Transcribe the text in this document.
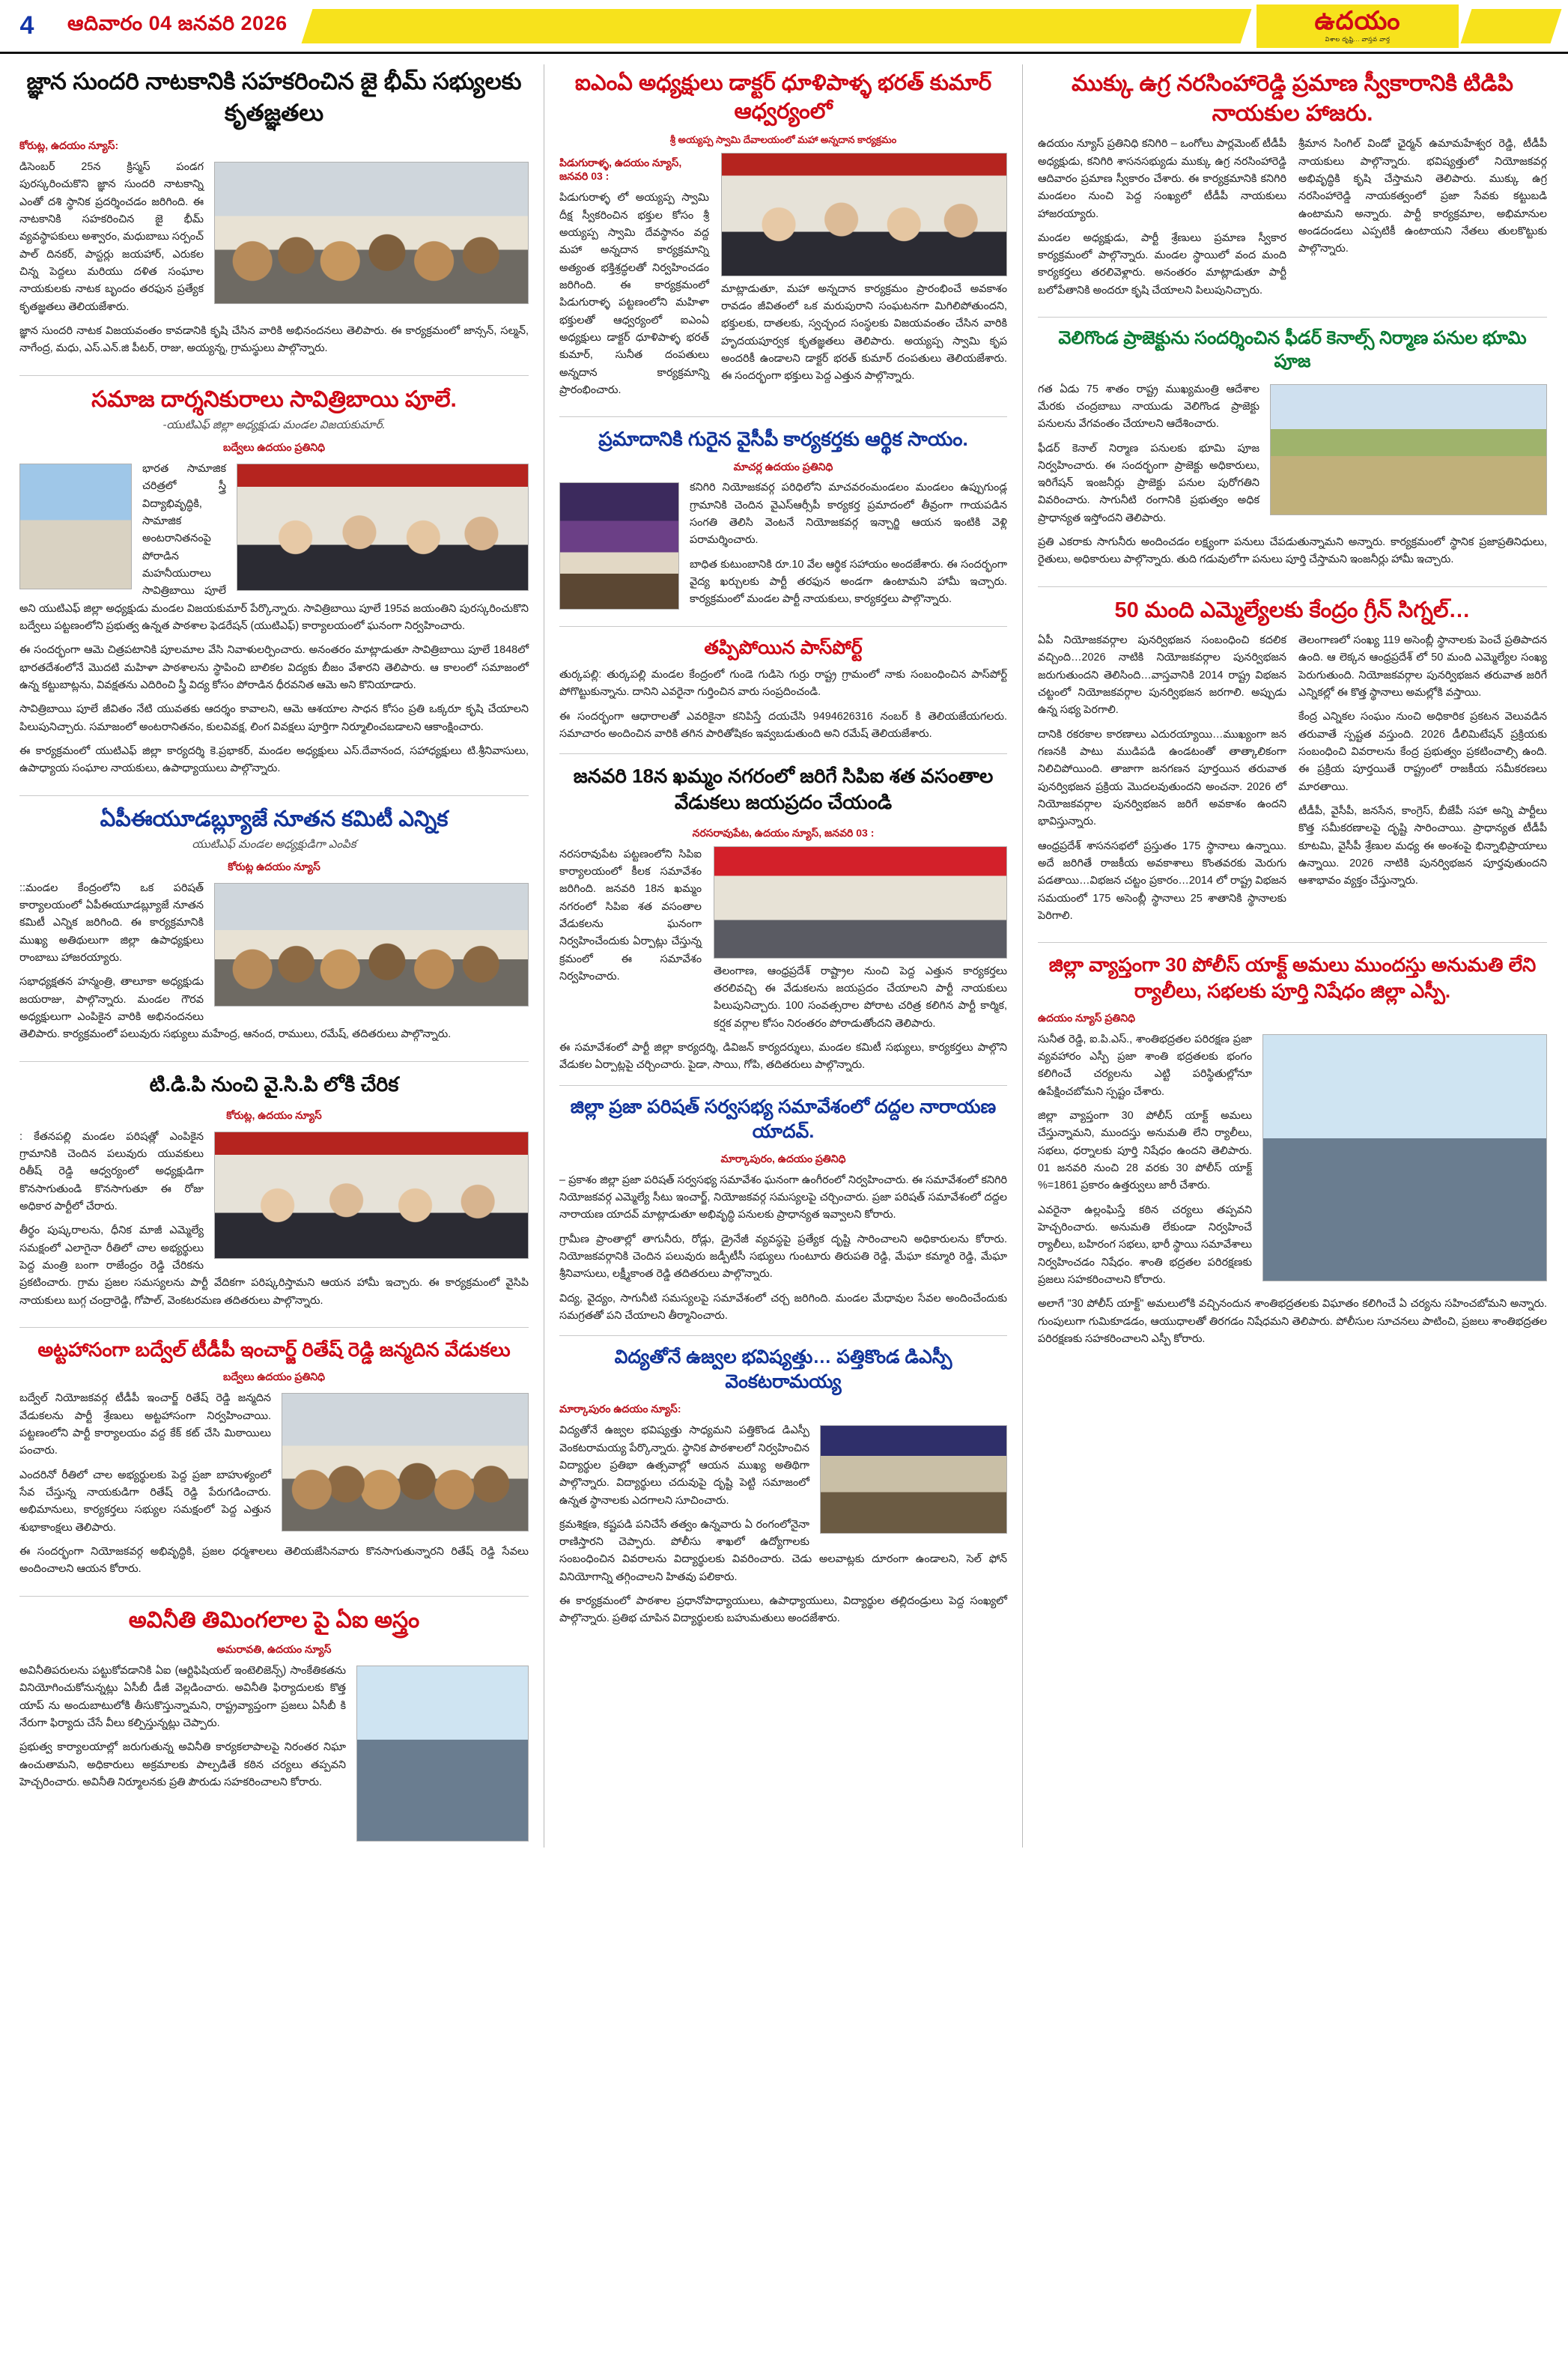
4	ఆదివారం 04 జనవరి 2026	ఉదయం
విశాల దృష్టి... వాస్తవ వార్త
జ్ఞాన సుందరి నాటకానికి సహకరించిన జై భీమ్ సభ్యులకు కృతజ్ఞతలు
కోరుట్ల, ఉదయం న్యూస్:

డిసెంబర్ 25న క్రిస్మస్ పండగ పురస్కరించుకొని జ్ఞాన సుందరి నాటకాన్ని ఎంతో దశి స్థానిక ప్రదర్శించడం జరిగింది. ఈ నాటకానికి సహకరించిన జై భీమ్ వ్యవస్థాపకులు అశ్వారం, మధుబాబు సర్పంచ్ పాల్ దినకర్, పాస్టర్లు జయహార్, ఎరుకల చిన్న పెద్దలు మరియు దళిత సంఘాల నాయకులకు నాటక బృందం తరఫున ప్రత్యేక కృతజ్ఞతలు తెలియజేశారు.

జ్ఞాన సుందరి నాటక విజయవంతం కావడానికి కృషి చేసిన వారికి అభినందనలు తెలిపారు. ఈ కార్యక్రమంలో జాన్సన్, సల్మన్, నాగేంద్ర, మధు, ఎస్.ఎన్.జి పీటర్, రాజు, అయ్యన్న, గ్రామస్థులు పాల్గొన్నారు.

సమాజ దార్శనికురాలు సావిత్రిబాయి పూలే.
-యుటిఎఫ్ జిల్లా అధ్యక్షుడు మండల విజయకుమార్.
బద్వేలు ఉదయం ప్రతినిధి

భారత సామాజిక చరిత్రలో స్త్రీ విద్యాభివృద్ధికి, సామాజిక అంటరానితనంపై పోరాడిన మహనీయురాలు సావిత్రిబాయి పూలే అని యుటిఎఫ్ జిల్లా అధ్యక్షుడు మండల విజయకుమార్ పేర్కొన్నారు. సావిత్రిబాయి పూలే 195వ జయంతిని పురస్కరించుకొని బద్వేలు పట్టణంలోని ప్రభుత్వ ఉన్నత పాఠశాల ఫెడరేషన్ (యుటిఎఫ్) కార్యాలయంలో ఘనంగా నిర్వహించారు.

ఈ సందర్భంగా ఆమె చిత్రపటానికి పూలమాల వేసి నివాళులర్పించారు. అనంతరం మాట్లాడుతూ సావిత్రిబాయి పూలే 1848లో భారతదేశంలోనే మొదటి మహిళా పాఠశాలను స్థాపించి బాలికల విద్యకు బీజం వేశారని తెలిపారు. ఆ కాలంలో సమాజంలో ఉన్న కట్టుబాట్లను, వివక్షతను ఎదిరించి స్త్రీ విద్య కోసం పోరాడిన ధీరవనిత ఆమె అని కొనియాడారు.

సావిత్రిబాయి పూలే జీవితం నేటి యువతకు ఆదర్శం కావాలని, ఆమె ఆశయాల సాధన కోసం ప్రతి ఒక్కరూ కృషి చేయాలని పిలుపునిచ్చారు. సమాజంలో అంటరానితనం, కులవివక్ష, లింగ వివక్షలు పూర్తిగా నిర్మూలించబడాలని ఆకాంక్షించారు.

ఈ కార్యక్రమంలో యుటిఎఫ్ జిల్లా కార్యదర్శి కె.ప్రభాకర్, మండల అధ్యక్షులు ఎస్.దేవానంద, సహాధ్యక్షులు టి.శ్రీనివాసులు, ఉపాధ్యాయ సంఘాల నాయకులు, ఉపాధ్యాయులు పాల్గొన్నారు.

ఏపీఈయూడబ్ల్యూజే నూతన కమిటీ ఎన్నిక
యుటిఎఫ్ మండల అధ్యక్షుడిగా ఎంపిక
కోరుట్ల ఉదయం న్యూస్

::మండల కేంద్రంలోని ఒక పరిషత్ కార్యాలయంలో ఏపీఈయూడబ్ల్యూజే నూతన కమిటీ ఎన్నిక జరిగింది. ఈ కార్యక్రమానికి ముఖ్య అతిథులుగా జిల్లా ఉపాధ్యక్షులు రాంబాబు హాజరయ్యారు.

సభాధ్యక్షతన హన్మంత్రి, తాలూకా అధ్యక్షుడు జయరాజు, పాల్గొన్నారు. మండల గౌరవ అధ్యక్షులుగా ఎంపికైన వారికి అభినందనలు తెలిపారు. కార్యక్రమంలో పలువురు సభ్యులు మహేంద్ర, ఆనంద, రాములు, రమేష్, తదితరులు పాల్గొన్నారు.

టి.డి.పి నుంచి వై.సి.పి లోకి చేరిక
కోరుట్ల, ఉదయం న్యూస్

: కేతనపల్లి మండల పరిషత్లో ఎంపికైన గ్రామానికి చెందిన పలువురు యువకులు రితీష్ రెడ్డి ఆధ్వర్యంలో అధ్యక్షుడిగా కొనసాగుతుండి కొనసాగుతూ ఈ రోజు అధికార పార్టీలో చేరారు.

తీర్థం పుష్కరాలను, ధీనిక మాజీ ఎమ్మెల్యే సమక్షంలో ఎలాగైనా రీతిలో చాల అభ్యర్థులు పెద్ద మంత్రి బంగా రాజేంద్రం రెడ్డి చేరికను ప్రకటించారు. గ్రామ ప్రజల సమస్యలను పార్టీ వేదికగా పరిష్కరిస్తామని ఆయన హామీ ఇచ్చారు. ఈ కార్యక్రమంలో వైసిపి నాయకులు బుగ్గ చంద్రారెడ్డి, గోపాల్, వెంకటరమణ తదితరులు పాల్గొన్నారు.

అట్టహాసంగా బద్వేల్ టీడీపీ ఇంచార్జ్ రితేష్ రెడ్డి జన్మదిన వేడుకలు
బద్వేలు ఉదయం ప్రతినిధి

బద్వేల్ నియోజకవర్గ టీడీపీ ఇంచార్జ్ రితేష్ రెడ్డి జన్మదిన వేడుకలను పార్టీ శ్రేణులు అట్టహాసంగా నిర్వహించాయి. పట్టణంలోని పార్టీ కార్యాలయం వద్ద కేక్ కట్ చేసి మిఠాయిలు పంచారు.

ఎందరినో రీతిలో చాల అభ్యర్థులకు పెద్ద ప్రజా బాహుళ్యంలో సేవ చేస్తున్న నాయకుడిగా రితేష్ రెడ్డి పేరుగడించారు. అభిమానులు, కార్యకర్తలు సభ్యుల సమక్షంలో పెద్ద ఎత్తున శుభాకాంక్షలు తెలిపారు.

ఈ సందర్భంగా నియోజకవర్గ అభివృద్ధికి, ప్రజల ధర్మశాలలు తెలియజేసినవారు కొనసాగుతున్నారని రితేష్ రెడ్డి సేవలు అందించాలని ఆయన కోరారు.

అవినీతి తిమింగలాల పై ఏఐ అస్త్రం
అమరావతి, ఉదయం న్యూస్

అవినీతిపరులను పట్టుకోవడానికి ఏఐ (ఆర్టిఫిషియల్ ఇంటెలిజెన్స్) సాంకేతికతను వినియోగించుకోనున్నట్లు ఏసీబీ డీజీ వెల్లడించారు. అవినీతి ఫిర్యాదులకు కొత్త యాప్ ను అందుబాటులోకి తీసుకొస్తున్నామని, రాష్ట్రవ్యాప్తంగా ప్రజలు ఏసీబీ కి నేరుగా ఫిర్యాదు చేసే వీలు కల్పిస్తున్నట్లు చెప్పారు.

ప్రభుత్వ కార్యాలయాల్లో జరుగుతున్న అవినీతి కార్యకలాపాలపై నిరంతర నిఘా ఉంచుతామని, అధికారులు అక్రమాలకు పాల్పడితే కఠిన చర్యలు తప్పవని హెచ్చరించారు. అవినీతి నిర్మూలనకు ప్రతి పౌరుడు సహకరించాలని కోరారు.

ఐఎంఏ అధ్యక్షులు డాక్టర్ ధూళిపాళ్ళ భరత్ కుమార్ ఆధ్వర్యంలో
శ్రీ అయ్యప్ప స్వామి దేవాలయంలో మహా అన్నదాన కార్యక్రమం
పిడుగురాళ్ళ, ఉదయం న్యూస్, జనవరి 03 :

పిడుగురాళ్ళ లో అయ్యప్ప స్వామి దీక్ష స్వీకరించిన భక్తుల కోసం శ్రీ అయ్యప్ప స్వామి దేవస్థానం వద్ద మహా అన్నదాన కార్యక్రమాన్ని అత్యంత భక్తిశ్రద్ధలతో నిర్వహించడం జరిగింది. ఈ కార్యక్రమంలో పిడుగురాళ్ళ పట్టణంలోని మహిళా భక్తులతో ఆధ్వర్యంలో ఐఎంఏ అధ్యక్షులు డాక్టర్ ధూళిపాళ్ళ భరత్ కుమార్, సునీత దంపతులు అన్నదాన కార్యక్రమాన్ని ప్రారంభించారు.

మాట్లాడుతూ, మహా అన్నదాన కార్యక్రమం ప్రారంభించే అవకాశం రావడం జీవితంలో ఒక మరుపురాని సంఘటనగా మిగిలిపోతుందని, భక్తులకు, దాతలకు, స్వచ్ఛంద సంస్థలకు విజయవంతం చేసిన వారికి హృదయపూర్వక కృతజ్ఞతలు తెలిపారు. అయ్యప్ప స్వామి కృప అందరికీ ఉండాలని డాక్టర్ భరత్ కుమార్ దంపతులు తెలియజేశారు. ఈ సందర్భంగా భక్తులు పెద్ద ఎత్తున పాల్గొన్నారు.

ప్రమాదానికి గురైన వైసీపీ కార్యకర్తకు ఆర్థిక సాయం.
మాచర్ల ఉదయం ప్రతినిధి

కనిగిరి నియోజకవర్గ పరిధిలోని మాచవరంమండలం మండలం ఉప్పుగుండ్ల గ్రామానికి చెందిన వైఎస్ఆర్సీపీ కార్యకర్త ప్రమాదంలో తీవ్రంగా గాయపడిన సంగతి తెలిసి వెంటనే నియోజకవర్గ ఇన్చార్జి ఆయన ఇంటికి వెళ్లి పరామర్శించారు.

బాధిత కుటుంబానికి రూ.10 వేల ఆర్థిక సహాయం అందజేశారు. ఈ సందర్భంగా వైద్య ఖర్చులకు పార్టీ తరఫున అండగా ఉంటామని హామీ ఇచ్చారు. కార్యక్రమంలో మండల పార్టీ నాయకులు, కార్యకర్తలు పాల్గొన్నారు.

తప్పిపోయిన పాస్‌పోర్ట్

తుర్కపల్లి: తుర్కపల్లి మండల కేంద్రంలో గుండె గుడిసె గుర్రు రాష్ట్ర గ్రామంలో నాకు సంబంధించిన పాస్‌పోర్ట్ పోగొట్టుకున్నాను. దానిని ఎవరైనా గుర్తించిన వారు సంప్రదించండి.

ఈ సందర్భంగా ఆధారాలతో ఎవరికైనా కనిపిస్తే దయచేసి 9494626316 నంబర్ కి తెలియజేయగలరు. సమాచారం అందించిన వారికి తగిన పారితోషికం ఇవ్వబడుతుంది అని రమేష్ తెలియజేశారు.

జనవరి 18న ఖమ్మం నగరంలో జరిగే సిపిఐ శత వసంతాల వేడుకలు జయప్రదం చేయండి
నరసరావుపేట, ఉదయం న్యూస్, జనవరి 03 :

నరసరావుపేట పట్టణంలోని సిపిఐ కార్యాలయంలో కీలక సమావేశం జరిగింది. జనవరి 18న ఖమ్మం నగరంలో సిపిఐ శత వసంతాల వేడుకలను ఘనంగా నిర్వహించేందుకు ఏర్పాట్లు చేస్తున్న క్రమంలో ఈ సమావేశం నిర్వహించారు.	తెలంగాణ, ఆంధ్రప్రదేశ్ రాష్ట్రాల నుంచి పెద్ద ఎత్తున కార్యకర్తలు తరలివచ్చి ఈ వేడుకలను జయప్రదం చేయాలని పార్టీ నాయకులు పిలుపునిచ్చారు. 100 సంవత్సరాల పోరాట చరిత్ర కలిగిన పార్టీ కార్మిక, కర్షక వర్గాల కోసం నిరంతరం పోరాడుతోందని తెలిపారు.

ఈ సమావేశంలో పార్టీ జిల్లా కార్యదర్శి, డివిజన్ కార్యదర్శులు, మండల కమిటీ సభ్యులు, కార్యకర్తలు పాల్గొని వేడుకల ఏర్పాట్లపై చర్చించారు. పైడా, సాయి, గోపి, తదితరులు పాల్గొన్నారు.

జిల్లా ప్రజా పరిషత్ సర్వసభ్య సమావేశంలో దద్దల నారాయణ యాదవ్.
మార్కాపురం, ఉదయం ప్రతినిధి

– ప్రకాశం జిల్లా ప్రజా పరిషత్ సర్వసభ్య సమావేశం ఘనంగా ఉంగీరంలో నిర్వహించారు. ఈ సమావేశంలో కనిగిరి నియోజకవర్గ ఎమ్మెల్యే సీటు ఇంచార్జ్, నియోజకవర్గ సమస్యలపై చర్చించారు. ప్రజా పరిషత్ సమావేశంలో దద్దల నారాయణ యాదవ్ మాట్లాడుతూ అభివృద్ధి పనులకు ప్రాధాన్యత ఇవ్వాలని కోరారు.

గ్రామీణ ప్రాంతాల్లో తాగునీరు, రోడ్లు, డ్రైనేజీ వ్యవస్థపై ప్రత్యేక దృష్టి సారించాలని అధికారులను కోరారు. నియోజకవర్గానికి చెందిన పలువురు జడ్పీటీసీ సభ్యులు గుంటూరు తిరుపతి రెడ్డి, మేఘా కమ్మారి రెడ్డి, మేఘా శ్రీనివాసులు, లక్ష్మీకాంత రెడ్డి తదితరులు పాల్గొన్నారు.

విద్య, వైద్యం, సాగునీటి సమస్యలపై సమావేశంలో చర్చ జరిగింది. మండల మేధావుల సేవల అందించేందుకు సమగ్రతతో పని చేయాలని తీర్మానించారు.

విద్యతోనే ఉజ్వల భవిష్యత్తు… పత్తికొండ డిఎస్పీ వెంకటరామయ్య
మార్కాపురం ఉదయం న్యూస్:

విద్యతోనే ఉజ్వల భవిష్యత్తు సాధ్యమని పత్తికొండ డిఎస్పీ వెంకటరామయ్య పేర్కొన్నారు. స్థానిక పాఠశాలలో నిర్వహించిన విద్యార్థుల ప్రతిభా ఉత్సవాల్లో ఆయన ముఖ్య అతిథిగా పాల్గొన్నారు. విద్యార్థులు చదువుపై దృష్టి పెట్టి సమాజంలో ఉన్నత స్థానాలకు ఎదగాలని సూచించారు.

క్రమశిక్షణ, కష్టపడి పనిచేసే తత్వం ఉన్నవారు ఏ రంగంలోనైనా రాణిస్తారని చెప్పారు. పోలీసు శాఖలో ఉద్యోగాలకు సంబంధించిన వివరాలను విద్యార్థులకు వివరించారు. చెడు అలవాట్లకు దూరంగా ఉండాలని, సెల్ ఫోన్ వినియోగాన్ని తగ్గించాలని హితవు పలికారు.

ఈ కార్యక్రమంలో పాఠశాల ప్రధానోపాధ్యాయులు, ఉపాధ్యాయులు, విద్యార్థుల తల్లిదండ్రులు పెద్ద సంఖ్యలో పాల్గొన్నారు. ప్రతిభ చూపిన విద్యార్థులకు బహుమతులు అందజేశారు.

ముక్కు ఉగ్ర నరసింహారెడ్డి ప్రమాణ స్వీకారానికి టిడిపి నాయకుల హాజరు.

ఉదయం న్యూస్ ప్రతినిధి కనిగిరి – ఒంగోలు పార్లమెంట్ టీడీపీ అధ్యక్షుడు, కనిగిరి శాసనసభ్యుడు ముక్కు ఉగ్ర నరసింహారెడ్డి ఆదివారం ప్రమాణ స్వీకారం చేశారు. ఈ కార్యక్రమానికి కనిగిరి మండలం నుంచి పెద్ద సంఖ్యలో టీడీపీ నాయకులు హాజరయ్యారు.

మండల అధ్యక్షుడు, పార్టీ శ్రేణులు ప్రమాణ స్వీకార కార్యక్రమంలో పాల్గొన్నారు. మండల స్థాయిలో వంద మంది కార్యకర్తలు తరలివెళ్లారు. అనంతరం మాట్లాడుతూ పార్టీ బలోపేతానికి అందరూ కృషి చేయాలని పిలుపునిచ్చారు.

శ్రీమాన సింగిల్ విండో ఛైర్మన్ ఉమామహేశ్వర రెడ్డి, టీడీపీ నాయకులు పాల్గొన్నారు. భవిష్యత్తులో నియోజకవర్గ అభివృద్ధికి కృషి చేస్తామని తెలిపారు. ముక్కు ఉగ్ర నరసింహారెడ్డి నాయకత్వంలో ప్రజా సేవకు కట్టుబడి ఉంటామని అన్నారు. పార్టీ కార్యక్రమాల, అభిమానుల అండదండలు ఎప్పటికీ ఉంటాయని నేతలు తులకొట్టుకు పాల్గొన్నారు.

వెలిగొండ ప్రాజెక్టును సందర్శించిన ఫీడర్ కెనాల్స్ నిర్మాణ పనుల భూమి పూజ

గత ఏడు 75 శాతం రాష్ట్ర ముఖ్యమంత్రి ఆదేశాల మేరకు చంద్రబాబు నాయుడు వెలిగొండ ప్రాజెక్టు పనులను వేగవంతం చేయాలని ఆదేశించారు.

ఫీడర్ కెనాల్ నిర్మాణ పనులకు భూమి పూజ నిర్వహించారు. ఈ సందర్భంగా ప్రాజెక్టు అధికారులు, ఇరిగేషన్ ఇంజనీర్లు ప్రాజెక్టు పనుల పురోగతిని వివరించారు. సాగునీటి రంగానికి ప్రభుత్వం అధిక ప్రాధాన్యత ఇస్తోందని తెలిపారు.

ప్రతి ఎకరాకు సాగునీరు అందించడం లక్ష్యంగా పనులు చేపడుతున్నామని అన్నారు. కార్యక్రమంలో స్థానిక ప్రజాప్రతినిధులు, రైతులు, అధికారులు పాల్గొన్నారు. తుది గడువులోగా పనులు పూర్తి చేస్తామని ఇంజనీర్లు హామీ ఇచ్చారు.

50 మంది ఎమ్మెల్యేలకు కేంద్రం గ్రీన్ సిగ్నల్…

ఏపీ నియోజకవర్గాల పునర్విభజన సంబంధించి కదలిక వచ్చింది…2026 నాటికి నియోజకవర్గాల పునర్విభజన జరుగుతుందని తెలిసింది…వాస్తవానికి 2014 రాష్ట్ర విభజన చట్టంలో నియోజకవర్గాల పునర్విభజన జరగాలి. అప్పుడు ఉన్న సభ్య పెరగాలి.

దానికి రకరకాల కారణాలు ఎదురయ్యాయి…ముఖ్యంగా జన గణనకి పాటు ముడిపడి ఉండటంతో తాత్కాలికంగా నిలిచిపోయింది. తాజాగా జనగణన పూర్తయిన తరువాత పునర్విభజన ప్రక్రియ మొదలవుతుందని అంచనా. 2026 లో నియోజకవర్గాల పునర్విభజన జరిగే అవకాశం ఉందని భావిస్తున్నారు.

ఆంధ్రప్రదేశ్ శాసనసభలో ప్రస్తుతం 175 స్థానాలు ఉన్నాయి. అదే జరిగితే రాజకీయ అవకాశాలు కొంతవరకు మెరుగు పడతాయి…విభజన చట్టం ప్రకారం…2014 లో రాష్ట్ర విభజన సమయంలో 175 అసెంబ్లీ స్థానాలు 25 శాతానికి స్థానాలకు పెరిగాలి.

తెలంగాణలో సంఖ్య 119 అసెంబ్లీ స్థానాలకు పెంచే ప్రతిపాదన ఉంది. ఆ లెక్కన ఆంధ్రప్రదేశ్ లో 50 మంది ఎమ్మెల్యేల సంఖ్య పెరుగుతుంది. నియోజకవర్గాల పునర్విభజన తరువాత జరిగే ఎన్నికల్లో ఈ కొత్త స్థానాలు అమల్లోకి వస్తాయి.

కేంద్ర ఎన్నికల సంఘం నుంచి అధికారిక ప్రకటన వెలువడిన తరువాతే స్పష్టత వస్తుంది. 2026 డీలిమిటేషన్ ప్రక్రియకు సంబంధించి వివరాలను కేంద్ర ప్రభుత్వం ప్రకటించాల్సి ఉంది. ఈ ప్రక్రియ పూర్తయితే రాష్ట్రంలో రాజకీయ సమీకరణలు మారతాయి.

టీడీపీ, వైసీపీ, జనసేన, కాంగ్రెస్, బీజేపీ సహా అన్ని పార్టీలు కొత్త సమీకరణాలపై దృష్టి సారించాయి. ప్రాధాన్యత టీడీపీ కూటమి, వైసీపీ శ్రేణుల మధ్య ఈ అంశంపై భిన్నాభిప్రాయాలు ఉన్నాయి. 2026 నాటికి పునర్విభజన పూర్తవుతుందని ఆశాభావం వ్యక్తం చేస్తున్నారు.

జిల్లా వ్యాప్తంగా 30 పోలీస్ యాక్ట్ అమలు ముందస్తు అనుమతి లేని ర్యాలీలు, సభలకు పూర్తి నిషేధం జిల్లా ఎస్పీ.
ఉదయం న్యూస్ ప్రతినిధి

సునీత రెడ్డి, ఐ.పి.ఎస్., శాంతిభద్రతల పరిరక్షణ ప్రజా వ్యవహారం ఎస్పీ ప్రజా శాంతి భద్రతలకు భంగం కలిగించే చర్యలను ఎట్టి పరిస్థితుల్లోనూ ఉపేక్షించబోమని స్పష్టం చేశారు.

జిల్లా వ్యాప్తంగా 30 పోలీస్ యాక్ట్ అమలు చేస్తున్నామని, ముందస్తు అనుమతి లేని ర్యాలీలు, సభలు, ధర్నాలకు పూర్తి నిషేధం ఉందని తెలిపారు. 01 జనవరి నుంచి 28 వరకు 30 పోలీస్ యాక్ట్ %=1861 ప్రకారం ఉత్తర్వులు జారీ చేశారు.

ఎవరైనా ఉల్లంఘిస్తే కఠిన చర్యలు తప్పవని హెచ్చరించారు. అనుమతి లేకుండా నిర్వహించే ర్యాలీలు, బహిరంగ సభలు, భారీ స్థాయి సమావేశాలు నిర్వహించడం నిషేధం. శాంతి భద్రతల పరిరక్షణకు ప్రజలు సహకరించాలని కోరారు.

అలాగే "30 పోలీస్ యాక్ట్" అమలులోకి వచ్చినందున శాంతిభద్రతలకు విఘాతం కలిగించే ఏ చర్యను సహించబోమని అన్నారు. గుంపులుగా గుమికూడడం, ఆయుధాలతో తిరగడం నిషేధమని తెలిపారు. పోలీసుల సూచనలు పాటించి, ప్రజలు శాంతిభద్రతల పరిరక్షణకు సహకరించాలని ఎస్పీ కోరారు.
